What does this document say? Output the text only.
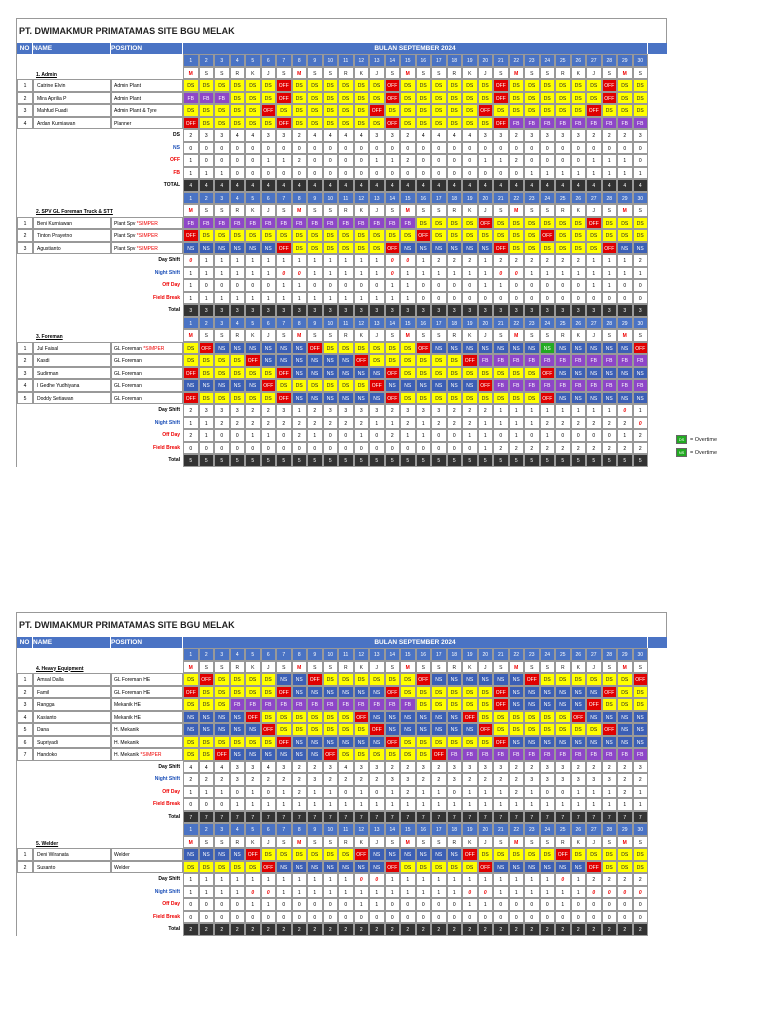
PT. DWIMAKMUR PRIMATAMAS SITE BGU MELAK
NO NAME	POSITION	BULAN SEPTEMBER 2024
1	2	3	4	5	6	7	8	9	10	11	12	13	14	15	16	17	18	19	20	21	22	23	24	25	26	27	28	29	30
1. Admin	M	S	S	R	K	J	S	M	S	S	R	K	J	S	M	S	S	R	K	J	S	M	S	S	R	K	J	S	M	S
1	Catrine Elvin	Admin Plant	DS	DS	DS	DS	DS	DS	OFF	DS	DS	DS	DS	DS	DS	OFF	DS	DS	DS	DS	DS	DS	OFF	DS	DS	DS	DS	DS	DS	OFF	DS	DS
2	Mira Aprilia P	Admin Plant	FB	FB	FB	DS	DS	DS	OFF	DS	DS	DS	DS	DS	DS	OFF	DS	DS	DS	DS	DS	DS	OFF	DS	DS	DS	DS	DS	DS	OFF	DS	DS
3	Mahfud Fuadi	Admin Plant & Tyre	DS	DS	DS	DS	DS	OFF	DS	DS	DS	DS	DS	DS	OFF	DS	DS	DS	DS	DS	DS	OFF	DS	DS	DS	DS	DS	DS	OFF	DS	DS	DS
4	Ardan Kurniawan	Planner	OFF	DS	DS	DS	DS	DS	OFF	DS	DS	DS	DS	DS	DS	OFF	DS	DS	DS	DS	DS	DS	OFF	FB	FB	FB	FB	FB	FB	FB	FB	FB
DS	2	3	3	4	4	3	3	2	4	4	4	4	3	3	2	4	4	4	4	3	3	2	3	3	3	3	2	2	2	3
NS	0	0	0	0	0	0	0	0	0	0	0	0	0	0	0	0	0	0	0	0	0	0	0	0	0	0	0	0	0	0
OFF	1	0	0	0	0	1	1	2	0	0	0	0	1	1	2	0	0	0	0	1	1	2	0	0	0	0	1	1	1	0
FB	1	1	1	0	0	0	0	0	0	0	0	0	0	0	0	0	0	0	0	0	0	0	1	1	1	1	1	1	1	1
TOTAL	4	4	4	4	4	4	4	4	4	4	4	4	4	4	4	4	4	4	4	4	4	4	4	4	4	4	4	4	4	4
1	2	3	4	5	6	7	8	9	10	11	12	13	14	15	16	17	18	19	20	21	22	23	24	25	26	27	28	29	30
2. SPV GL Foreman Truck & STT	M	S	S	R	K	J	S	M	S	S	R	K	J	S	M	S	S	R	K	J	S	M	S	S	R	K	J	S	M	S
1	Beni Kurniawan	Plant Spv *SIMPER	FB	FB	FB	FB	FB	FB	FB	FB	FB	FB	FB	FB	FB	FB	FB	DS	DS	DS	DS	OFF	DS	DS	DS	DS	DS	DS	OFF	DS	DS	DS
2	Tinton Prayetno	Plant Spv *SIMPER	OFF	DS	DS	DS	DS	DS	DS	DS	DS	DS	DS	DS	DS	DS	DS	OFF	DS	DS	DS	DS	DS	DS	DS	OFF	DS	DS	DS	DS	DS	DS
3	Agustianto	Plant Spv *SIMPER	NS	NS	NS	NS	NS	NS	OFF	DS	DS	DS	DS	DS	DS	OFF	NS	NS	NS	NS	NS	NS	OFF	DS	DS	DS	DS	DS	DS	OFF	NS	NS
Day Shift	0	1	1	1	1	1	1	1	1	1	1	1	1	0	0	1	2	2	2	1	2	2	2	2	2	2	1	1	1	2
Night Shift	1	1	1	1	1	1	0	0	1	1	1	1	1	0	1	1	1	1	1	1	0	0	1	1	1	1	1	1	1	1
Off Day	1	0	0	0	0	0	1	1	0	0	0	0	0	1	1	0	0	0	0	1	1	0	0	0	0	0	1	1	0	0
Field Break	1	1	1	1	1	1	1	1	1	1	1	1	1	1	1	0	0	0	0	0	0	0	0	0	0	0	0	0	0	0
Total	3	3	3	3	3	3	3	3	3	3	3	3	3	3	3	3	3	3	3	3	3	3	3	3	3	3	3	3	3	3
1	2	3	4	5	6	7	8	9	10	11	12	13	14	15	16	17	18	19	20	21	22	23	24	25	26	27	28	29	30
3. Foreman	M	S	S	R	K	J	S	M	S	S	R	K	J	S	M	S	S	R	K	J	S	M	S	S	R	K	J	S	M	S
1	Jul Faisal	GL Foreman *SIMPER	DS	OFF	NS	NS	NS	NS	NS	NS	OFF	DS	DS	DS	DS	DS	DS	OFF	NS	NS	NS	NS	NS	NS	NS	NS	NS	NS	NS	NS	NS	OFF
2	Kasdi	GL Foreman	DS	DS	DS	DS	OFF	NS	NS	NS	NS	NS	NS	OFF	DS	DS	DS	DS	DS	DS	OFF	FB	FB	FB	FB	FB	FB	FB	FB	FB	FB	FB
3	Sudirman	GL Foreman	OFF	DS	DS	DS	DS	DS	OFF	NS	NS	NS	NS	NS	NS	OFF	DS	DS	DS	DS	DS	DS	DS	DS	DS	OFF	NS	NS	NS	NS	NS	NS
4	I Gedhe Yudhiyana	GL Foreman	NS	NS	NS	NS	NS	OFF	DS	DS	DS	DS	DS	DS	OFF	NS	NS	NS	NS	NS	NS	OFF	FB	FB	FB	FB	FB	FB	FB	FB	FB	FB
5	Doddy Setiawan	GL Foreman	OFF	DS	DS	DS	DS	DS	OFF	NS	NS	NS	NS	NS	NS	OFF	DS	DS	DS	DS	DS	DS	DS	DS	DS	OFF	NS	NS	NS	NS	NS	NS
Day Shift	2	3	3	3	2	2	3	1	2	3	3	3	3	2	3	3	3	2	2	2	1	1	1	1	1	1	1	1	0	1
Night Shift	1	1	2	2	2	2	2	2	2	2	2	2	1	1	2	1	2	2	2	1	1	1	1	2	2	2	2	2	2	0
Off Day	2	1	0	0	1	1	0	2	1	0	0	1	0	2	1	1	0	0	1	1	0	1	0	1	0	0	0	0	1	2
Field Break	0	0	0	0	0	0	0	0	0	0	0	0	0	0	0	0	0	0	0	1	2	2	2	2	2	2	2	2	2	2
Total	5	5	5	5	5	5	5	5	5	5	5	5	5	5	5	5	5	5	5	5	5	5	5	5	5	5	5	5	5	5
DS	= Overtime
NS	= Overtime
Remarks
Remarks
PT. DWIMAKMUR PRIMATAMAS SITE BGU MELAK
NO NAME	POSITION	BULAN SEPTEMBER 2024
1	2	3	4	5	6	7	8	9	10	11	12	13	14	15	16	17	18	19	20	21	22	23	24	25	26	27	28	29	30
4. Heavy Equipment	M	S	S	R	K	J	S	M	S	S	R	K	J	S	M	S	S	R	K	J	S	M	S	S	R	K	J	S	M	S
1	Amsal Dalla	GL Foreman HE	DS	OFF	DS	DS	DS	DS	NS	NS	OFF	DS	DS	DS	DS	DS	DS	OFF	NS	NS	NS	NS	NS	NS	OFF	DS	DS	DS	DS	DS	DS	OFF
2	Famil	GL Foreman HE	OFF	DS	DS	DS	DS	DS	OFF	NS	NS	NS	NS	NS	NS	OFF	DS	DS	DS	DS	DS	DS	OFF	NS	NS	NS	NS	NS	NS	OFF	DS	DS
3	Rangga	Mekanik HE	DS	DS	DS	FB	FB	FB	FB	FB	FB	FB	FB	FB	FB	FB	FB	DS	DS	DS	DS	DS	OFF	NS	NS	NS	NS	NS	OFF	DS	DS	DS
4	Kasianto	Mekanik HE	NS	NS	NS	NS	OFF	DS	DS	DS	DS	DS	DS	OFF	NS	NS	NS	NS	NS	NS	OFF	DS	DS	DS	DS	DS	DS	OFF	NS	NS	NS	NS
5	Dana	H. Mekanik	NS	NS	NS	NS	NS	OFF	DS	DS	DS	DS	DS	DS	OFF	NS	NS	NS	NS	NS	NS	OFF	DS	DS	DS	DS	DS	DS	DS	OFF	NS	NS
6	Supriyadi	H. Mekanik	DS	DS	DS	DS	DS	DS	OFF	NS	NS	NS	NS	NS	NS	OFF	DS	DS	DS	DS	DS	DS	OFF	NS	NS	NS	NS	NS	NS	NS	NS	NS
7	Handoko	H. Mekanik *SIMPER	DS	DS	OFF	NS	NS	NS	NS	NS	NS	OFF	DS	DS	DS	DS	DS	DS	OFF	FB	FB	FB	FB	FB	FB	FB	FB	FB	FB	FB	FB	FB
Day Shift	4	4	4	3	3	4	3	2	2	3	4	3	3	2	2	3	2	3	3	3	3	2	2	3	3	2	2	2	2	3
Night Shift	2	2	2	3	2	2	2	2	3	2	2	2	2	3	3	2	2	3	2	2	2	2	3	3	3	3	3	3	2	2
Off Day	1	1	1	0	1	0	1	2	1	1	0	1	0	1	2	1	1	0	1	1	1	2	1	0	0	1	1	1	2	1
Field Break	0	0	0	1	1	1	1	1	1	1	1	1	1	1	1	1	1	1	1	1	1	1	1	1	1	1	1	1	1	1
Total	7	7	7	7	7	7	7	7	7	7	7	7	7	7	7	7	7	7	7	7	7	7	7	7	7	7	7	7	7	7
1	2	3	4	5	6	7	8	9	10	11	12	13	14	15	16	17	18	19	20	21	22	23	24	25	26	27	28	29	30
5. Welder	M	S	S	R	K	J	S	M	S	S	R	K	J	S	M	S	S	R	K	J	S	M	S	S	R	K	J	S	M	S
1	Deni Wiranata	Welder	NS	NS	NS	NS	OFF	DS	DS	DS	DS	DS	DS	OFF	NS	NS	NS	NS	NS	NS	OFF	DS	DS	DS	DS	DS	OFF	DS	DS	DS	DS	DS
2	Susanto	Welder	DS	DS	DS	DS	DS	OFF	NS	NS	NS	NS	NS	NS	NS	OFF	DS	DS	DS	DS	DS	OFF	NS	NS	NS	NS	NS	NS	OFF	DS	DS	DS
Day Shift	1	1	1	1	1	1	1	1	1	1	1	0	0	1	1	1	1	1	1	1	1	1	1	1	0	1	2	2	2	2
Night Shift	1	1	1	1	0	0	1	1	1	1	1	1	1	1	1	1	1	1	0	0	1	1	1	1	1	1	0	0	0	0
Off Day	0	0	0	0	1	1	0	0	0	0	0	1	1	0	0	0	0	0	1	1	0	0	0	0	1	0	0	0	0	0
Field Break	0	0	0	0	0	0	0	0	0	0	0	0	0	0	0	0	0	0	0	0	0	0	0	0	0	0	0	0	0	0
Total	2	2	2	2	2	2	2	2	2	2	2	2	2	2	2	2	2	2	2	2	2	2	2	2	2	2	2	2	2	2
Remarks
Remarks
